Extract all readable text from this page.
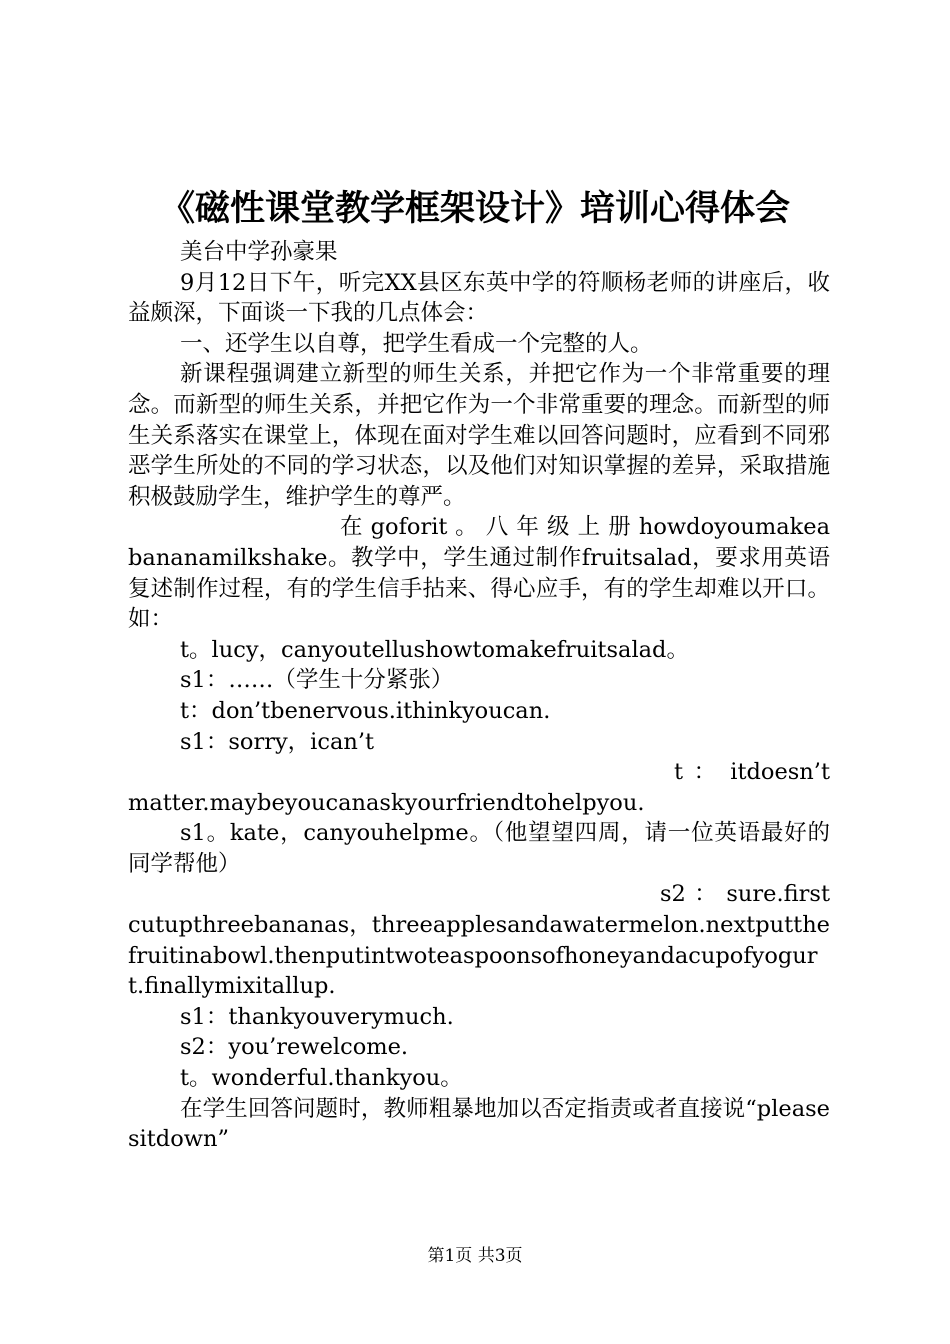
《磁性课堂教学框架设计》培训心得体会

美台中学孙豪果

9月12日下午，听完XX县区东英中学的符顺杨老师的讲座后，收益颇深，下面谈一下我的几点体会：

一、还学生以自尊，把学生看成一个完整的人。

新课程强调建立新型的师生关系，并把它作为一个非常重要的理念。而新型的师生关系，并把它作为一个非常重要的理念。而新型的师生关系落实在课堂上，体现在面对学生难以回答问题时，应看到不同邪恶学生所处的不同的学习状态，以及他们对知识掌握的差异，采取措施积极鼓励学生，维护学生的尊严。

在 goforit 。 八 年 级 上 册 howdoyoumakeabananamilkshake。教学中，学生通过制作fruitsalad，要求用英语复述制作过程，有的学生信手拈来、得心应手，有的学生却难以开口。如：

t。lucy，canyoutellushowtomakefruitsalad。

s1：……（学生十分紧张）

t：don’tbenervous.ithinkyoucan.

s1：sorry，ican’t

t ： itdoesn’tmatter.maybeyoucanaskyourfriendtohelpyou.

s1。kate，canyouhelpme。（他望望四周，请一位英语最好的同学帮他）

s2 ： sure.firstcutupthreebananas，threeapplesandawatermelon.nextputthefruitinabowl.thenputintwoteaspoonsofhoneyandacupofyogurt.finallymixitallup.

s1：thankyouverymuch.

s2：you’rewelcome.

t。wonderful.thankyou。

在学生回答问题时，教师粗暴地加以否定指责或者直接说“pleasesitdown”

第1页 共3页
